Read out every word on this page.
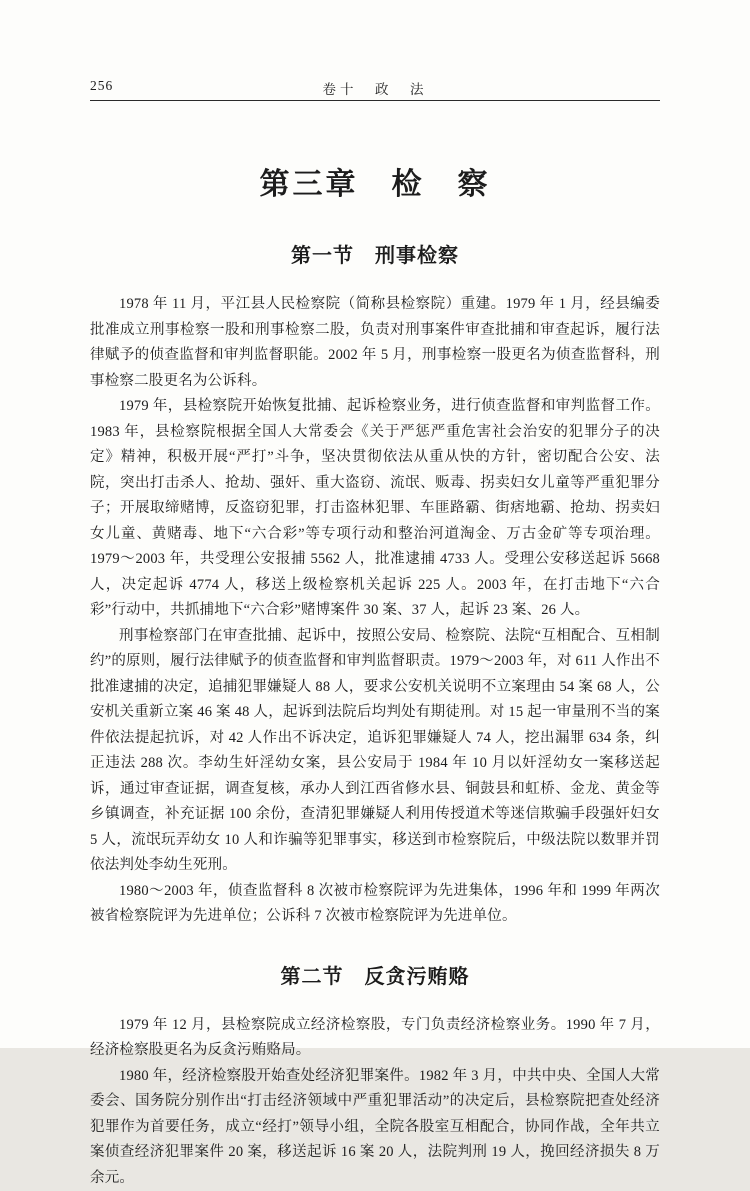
256	卷十　政　法
第三章　检　察
第一节　刑事检察

1978 年 11 月，平江县人民检察院（简称县检察院）重建。1979 年 1 月，经县编委批准成立刑事检察一股和刑事检察二股，负责对刑事案件审查批捕和审查起诉，履行法律赋予的侦查监督和审判监督职能。2002 年 5 月，刑事检察一股更名为侦查监督科，刑事检察二股更名为公诉科。

1979 年，县检察院开始恢复批捕、起诉检察业务，进行侦查监督和审判监督工作。1983 年，县检察院根据全国人大常委会《关于严惩严重危害社会治安的犯罪分子的决定》精神，积极开展“严打”斗争，坚决贯彻依法从重从快的方针，密切配合公安、法院，突出打击杀人、抢劫、强奸、重大盗窃、流氓、贩毒、拐卖妇女儿童等严重犯罪分子；开展取缔赌博，反盗窃犯罪，打击盗林犯罪、车匪路霸、街痞地霸、抢劫、拐卖妇女儿童、黄赌毒、地下“六合彩”等专项行动和整治河道淘金、万古金矿等专项治理。1979～2003 年，共受理公安报捕 5562 人，批准逮捕 4733 人。受理公安移送起诉 5668 人，决定起诉 4774 人，移送上级检察机关起诉 225 人。2003 年，在打击地下“六合彩”行动中，共抓捕地下“六合彩”赌博案件 30 案、37 人，起诉 23 案、26 人。

刑事检察部门在审查批捕、起诉中，按照公安局、检察院、法院“互相配合、互相制约”的原则，履行法律赋予的侦查监督和审判监督职责。1979～2003 年，对 611 人作出不批准逮捕的决定，追捕犯罪嫌疑人 88 人，要求公安机关说明不立案理由 54 案 68 人，公安机关重新立案 46 案 48 人，起诉到法院后均判处有期徒刑。对 15 起一审量刑不当的案件依法提起抗诉，对 42 人作出不诉决定，追诉犯罪嫌疑人 74 人，挖出漏罪 634 条，纠正违法 288 次。李幼生奸淫幼女案，县公安局于 1984 年 10 月以奸淫幼女一案移送起诉，通过审查证据，调查复核，承办人到江西省修水县、铜鼓县和虹桥、金龙、黄金等乡镇调查，补充证据 100 余份，查清犯罪嫌疑人利用传授道术等迷信欺骗手段强奸妇女 5 人，流氓玩弄幼女 10 人和诈骗等犯罪事实，移送到市检察院后，中级法院以数罪并罚依法判处李幼生死刑。

1980～2003 年，侦查监督科 8 次被市检察院评为先进集体，1996 年和 1999 年两次被省检察院评为先进单位；公诉科 7 次被市检察院评为先进单位。

第二节　反贪污贿赂

1979 年 12 月，县检察院成立经济检察股，专门负责经济检察业务。1990 年 7 月，经济检察股更名为反贪污贿赂局。

1980 年，经济检察股开始查处经济犯罪案件。1982 年 3 月，中共中央、全国人大常委会、国务院分别作出“打击经济领域中严重犯罪活动”的决定后，县检察院把查处经济犯罪作为首要任务，成立“经打”领导小组，全院各股室互相配合，协同作战，全年共立案侦查经济犯罪案件 20 案，移送起诉 16 案 20 人，法院判刑 19 人，挽回经济损失 8 万余元。
